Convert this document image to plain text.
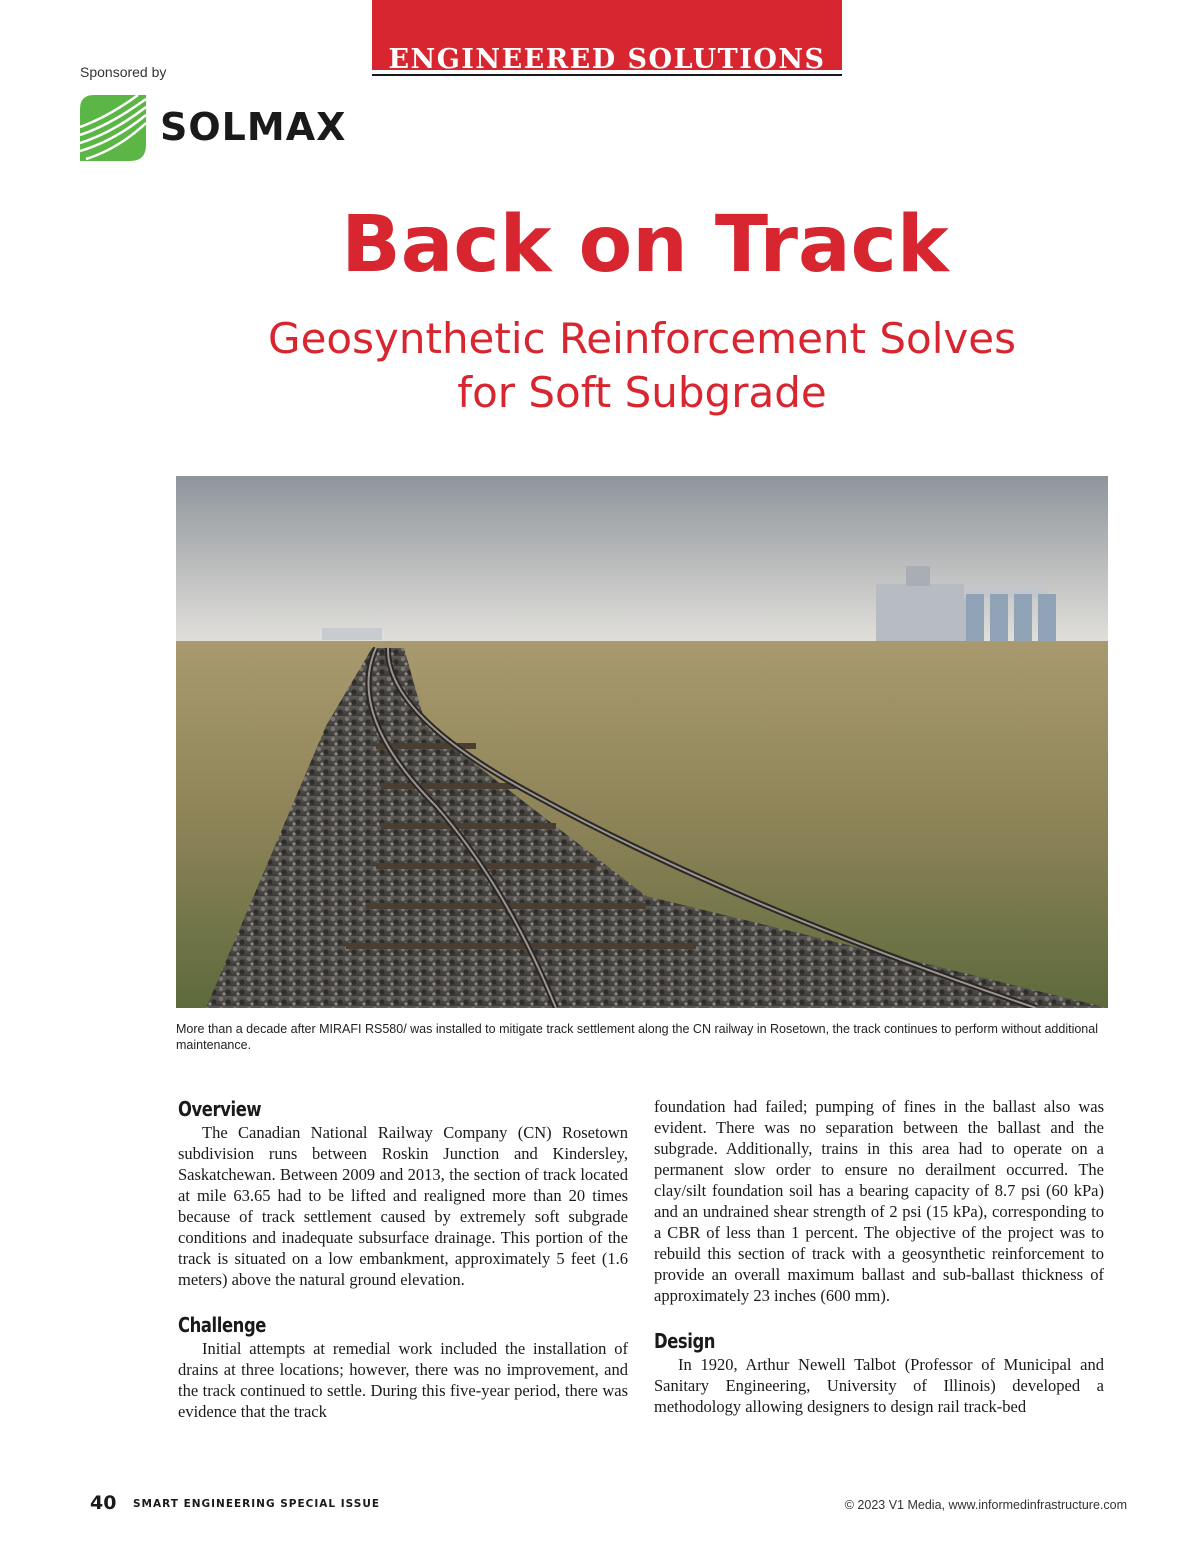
ENGINEERED SOLUTIONS
Sponsored by
SOLMAX
Back on Track
Geosynthetic Reinforcement Solves
for Soft Subgrade
More than a decade after MIRAFI RS580/ was installed to mitigate track settlement along the CN railway in Rosetown, the track continues to perform without additional maintenance.
Overview

The Canadian National Railway Company (CN) Rosetown subdivision runs between Roskin Junction and Kindersley, Saskatchewan. Between 2009 and 2013, the section of track located at mile 63.65 had to be lifted and realigned more than 20 times because of track settlement caused by extremely soft subgrade conditions and inadequate subsurface drainage. This portion of the track is situated on a low embankment, approximately 5 feet (1.6 meters) above the natural ground elevation.

Challenge

Initial attempts at remedial work included the installation of drains at three locations; however, there was no improvement, and the track continued to settle. During this five-year period, there was evidence that the track

foundation had failed; pumping of fines in the ballast also was evident. There was no separation between the ballast and the subgrade. Additionally, trains in this area had to operate on a permanent slow order to ensure no derailment occurred. The clay/silt foundation soil has a bearing capacity of 8.7 psi (60 kPa) and an undrained shear strength of 2 psi (15 kPa), corresponding to a CBR of less than 1 percent. The objective of the project was to rebuild this section of track with a geosynthetic reinforcement to provide an overall maximum ballast and sub-ballast thickness of approximately 23 inches (600 mm).

Design

In 1920, Arthur Newell Talbot (Professor of Municipal and Sanitary Engineering, University of Illinois) developed a methodology allowing designers to design rail track-bed

40 SMART ENGINEERING SPECIAL ISSUE	© 2023 V1 Media, www.informedinfrastructure.com
